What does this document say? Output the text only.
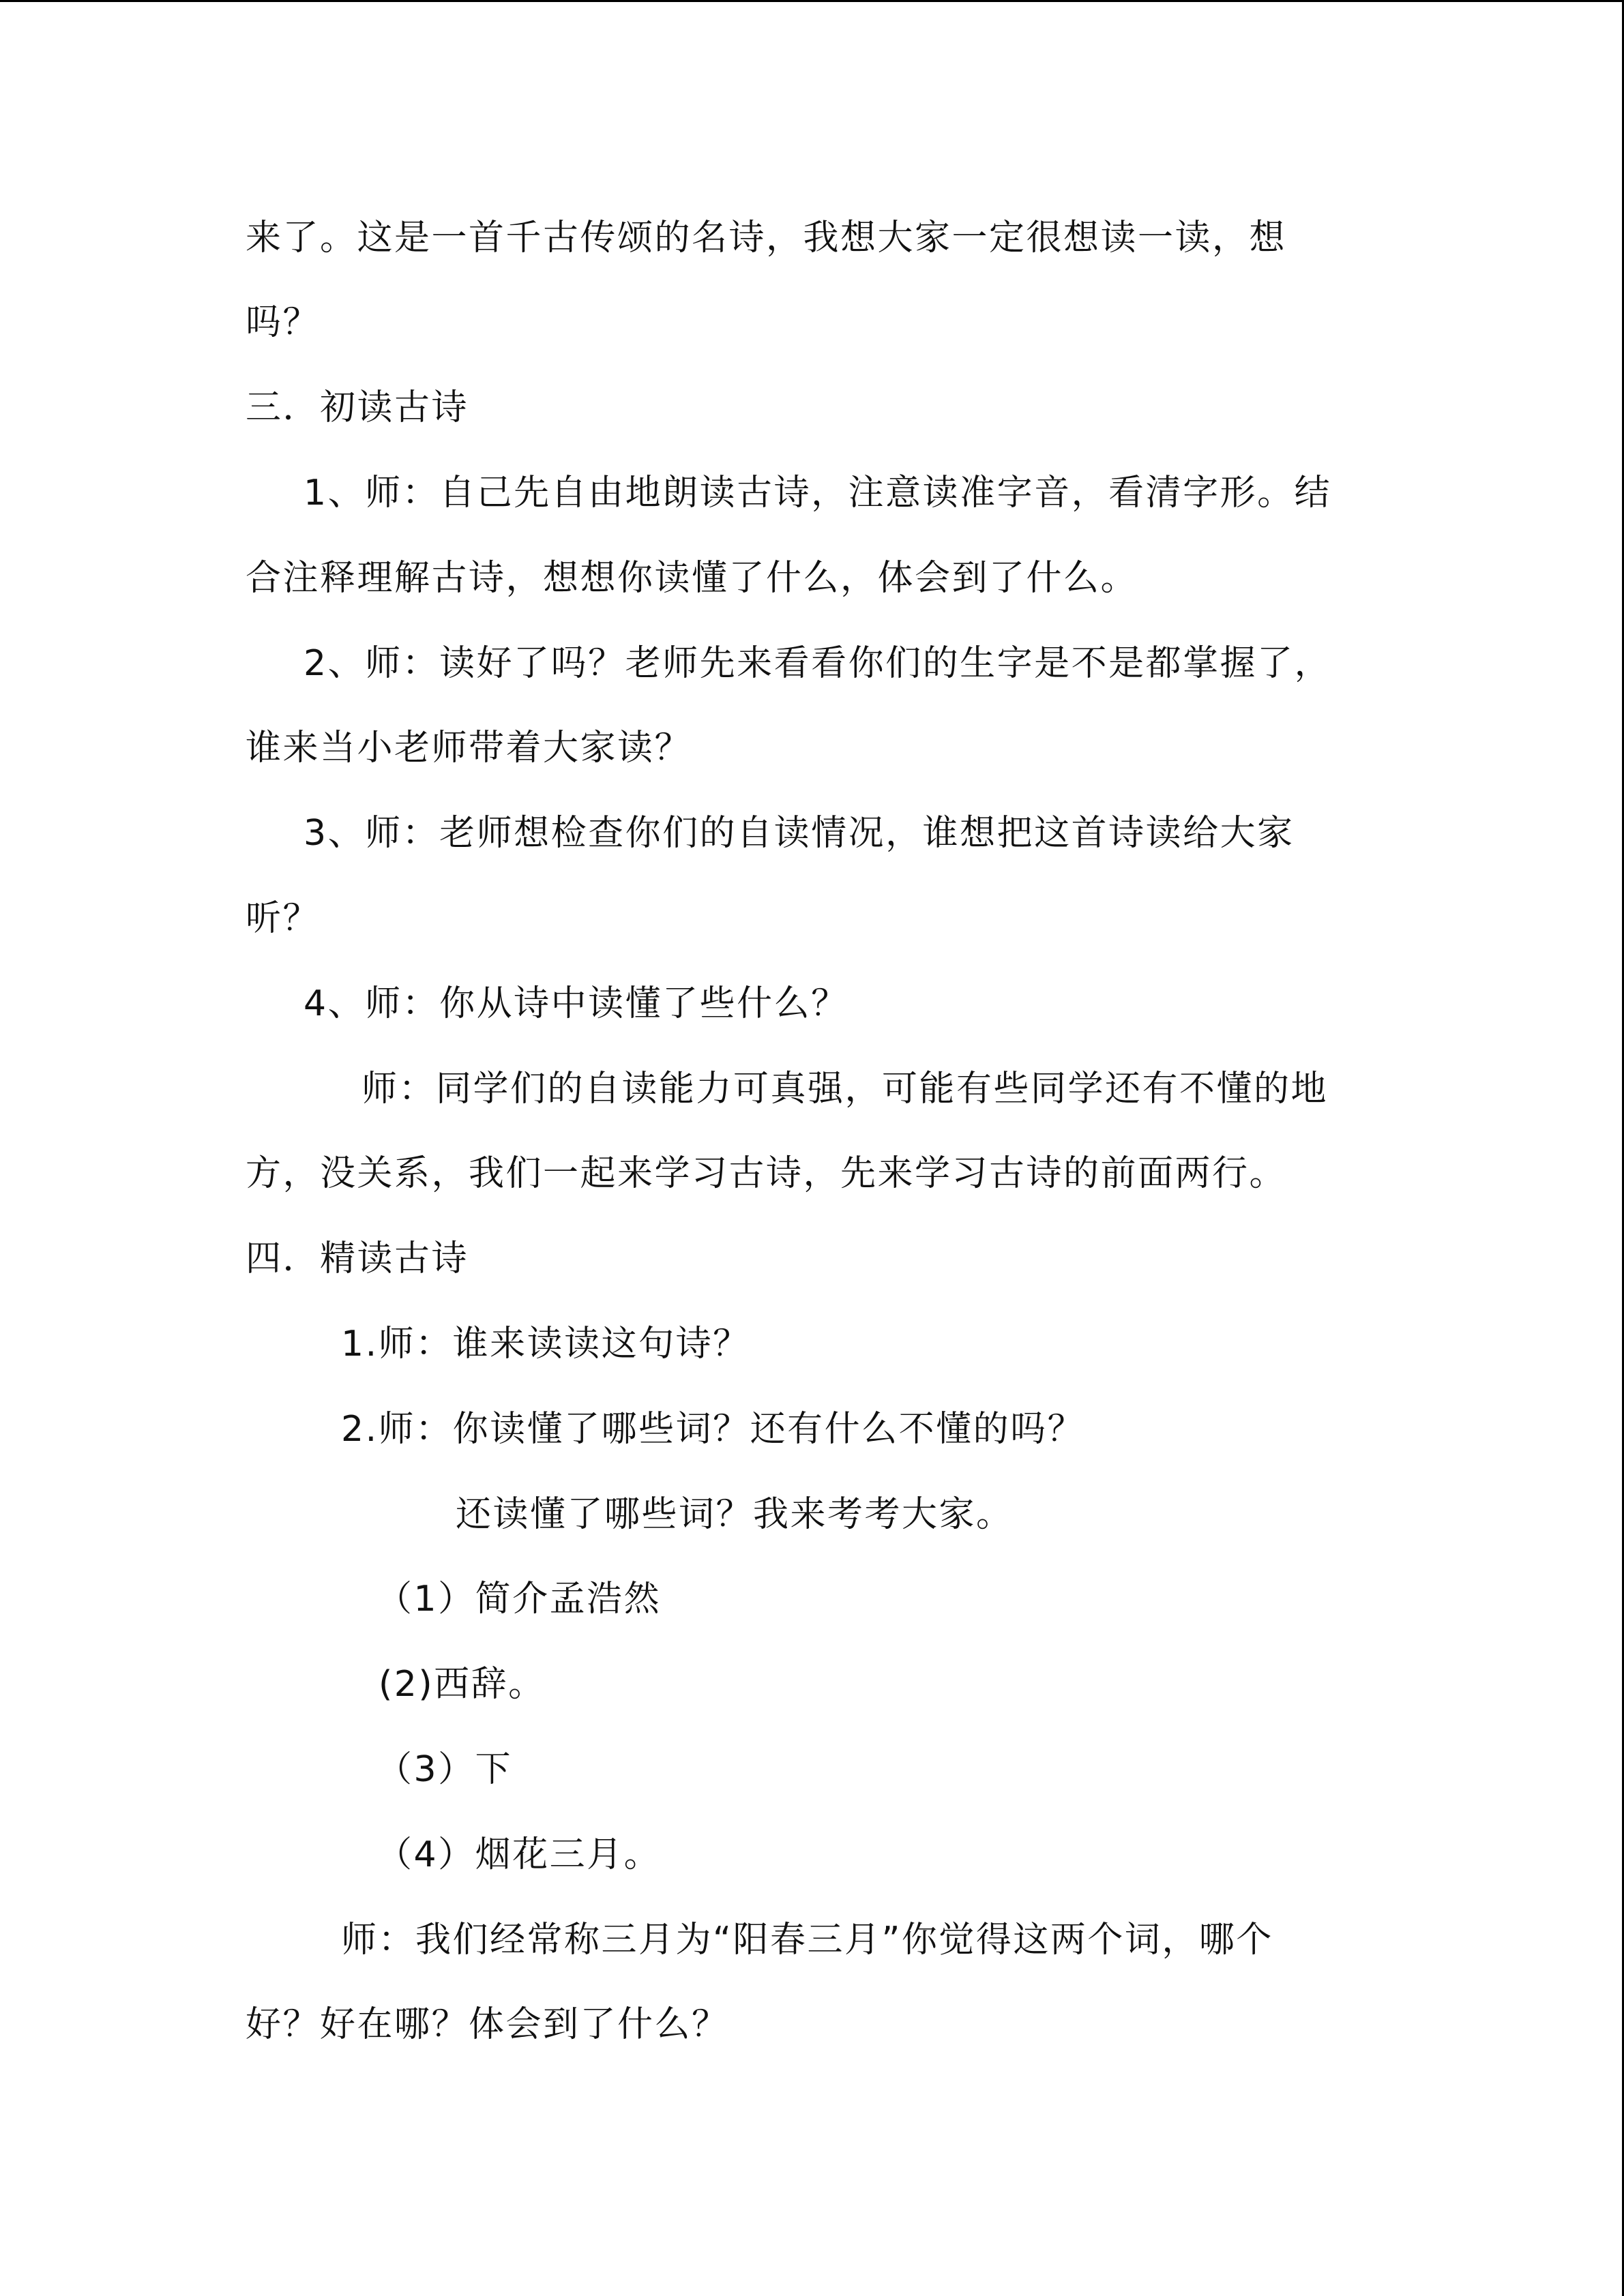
来了。这是一首千古传颂的名诗，我想大家一定很想读一读，想
吗？
三．初读古诗
1、师：自己先自由地朗读古诗，注意读准字音，看清字形。结
合注释理解古诗，想想你读懂了什么，体会到了什么。
2、师：读好了吗？老师先来看看你们的生字是不是都掌握了，
谁来当小老师带着大家读？
3、师：老师想检查你们的自读情况，谁想把这首诗读给大家
听？
4、师：你从诗中读懂了些什么？
师：同学们的自读能力可真强，可能有些同学还有不懂的地
方，没关系，我们一起来学习古诗，先来学习古诗的前面两行。
四．精读古诗
1.师：谁来读读这句诗？
2.师：你读懂了哪些词？还有什么不懂的吗？
还读懂了哪些词？我来考考大家。
（1）简介孟浩然
(2)西辞。
（3）下
（4）烟花三月。
师：我们经常称三月为“阳春三月”你觉得这两个词，哪个
好？好在哪？体会到了什么？
